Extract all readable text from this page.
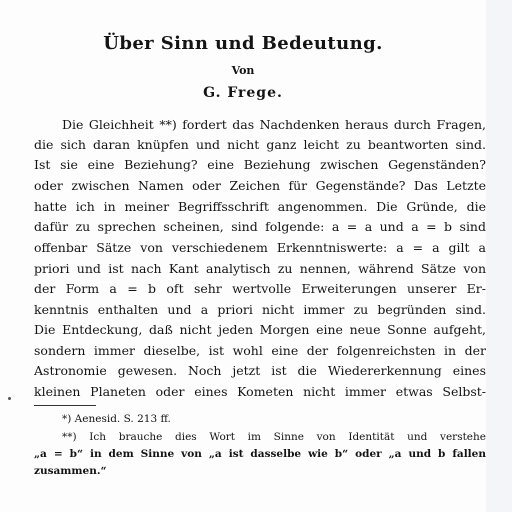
Über Sinn und Bedeutung.
Von
G. Frege.
Die Gleichheit **) fordert das Nachdenken heraus durch Fragen,
die sich daran knüpfen und nicht ganz leicht zu beantworten sind.
Ist sie eine Beziehung? eine Beziehung zwischen Gegenständen?
oder zwischen Namen oder Zeichen für Gegenstände? Das Letzte
hatte ich in meiner Begriffsschrift angenommen. Die Gründe, die
dafür zu sprechen scheinen, sind folgende: a = a und a = b sind
offenbar Sätze von verschiedenem Erkenntniswerte: a = a gilt a
priori und ist nach Kant analytisch zu nennen, während Sätze von
der Form a = b oft sehr wertvolle Erweiterungen unserer Er-
kenntnis enthalten und a priori nicht immer zu begründen sind.
Die Entdeckung, daß nicht jeden Morgen eine neue Sonne aufgeht,
sondern immer dieselbe, ist wohl eine der folgenreichsten in der
Astronomie gewesen. Noch jetzt ist die Wiedererkennung eines
kleinen Planeten oder eines Kometen nicht immer etwas Selbst-
*) Aenesid. S. 213 ff.
**) Ich brauche dies Wort im Sinne von Identität und verstehe
„a = b“ in dem Sinne von „a ist dasselbe wie b“ oder „a und b fallen
zusammen.“
